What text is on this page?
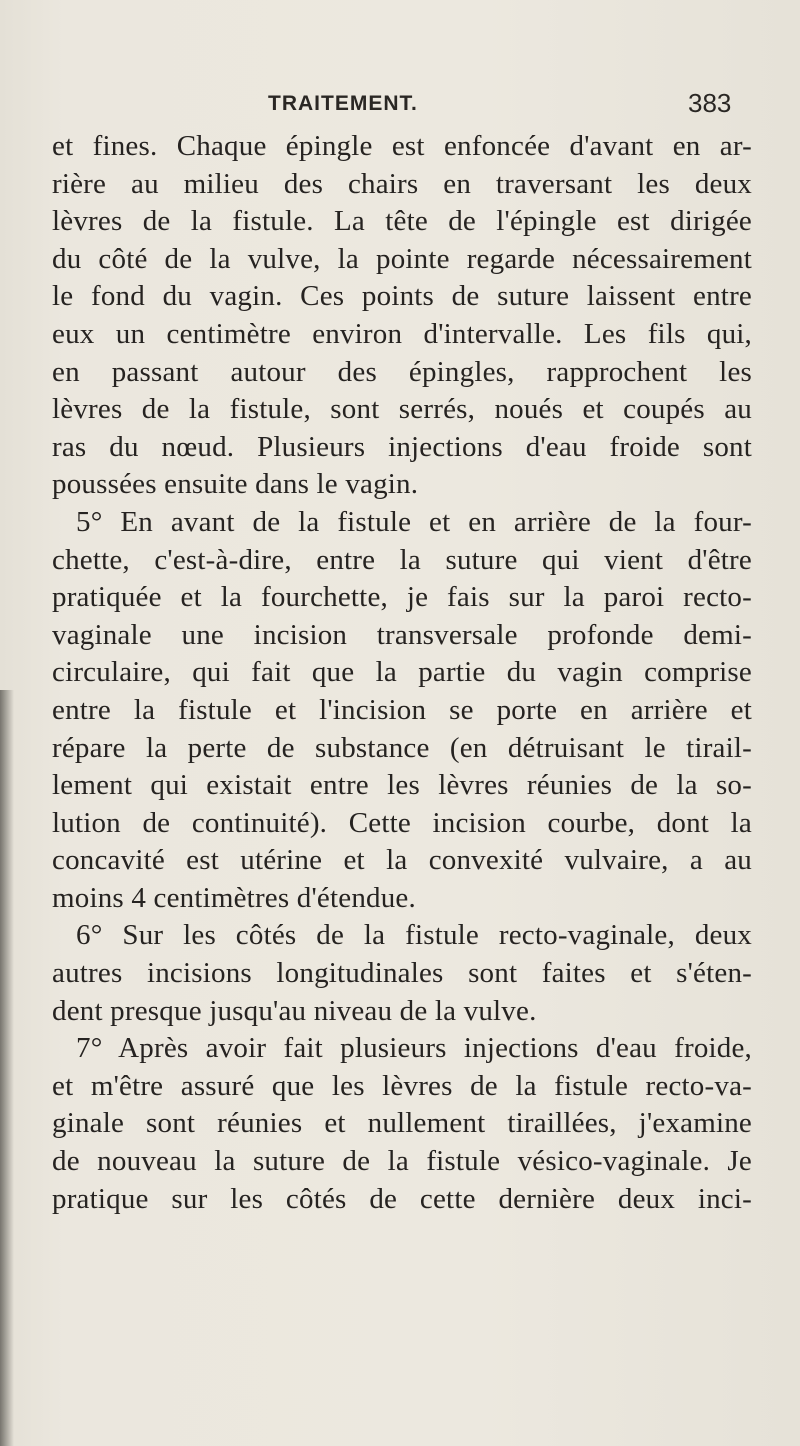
TRAITEMENT.	383
et fines. Chaque épingle est enfoncée d'avant en ar-
rière au milieu des chairs en traversant les deux
lèvres de la fistule. La tête de l'épingle est dirigée
du côté de la vulve, la pointe regarde nécessairement
le fond du vagin. Ces points de suture laissent entre
eux un centimètre environ d'intervalle. Les fils qui,
en passant autour des épingles, rapprochent les
lèvres de la fistule, sont serrés, noués et coupés au
ras du nœud. Plusieurs injections d'eau froide sont
poussées ensuite dans le vagin.
5° En avant de la fistule et en arrière de la four-
chette, c'est-à-dire, entre la suture qui vient d'être
pratiquée et la fourchette, je fais sur la paroi recto-
vaginale une incision transversale profonde demi-
circulaire, qui fait que la partie du vagin comprise
entre la fistule et l'incision se porte en arrière et
répare la perte de substance (en détruisant le tirail-
lement qui existait entre les lèvres réunies de la so-
lution de continuité). Cette incision courbe, dont la
concavité est utérine et la convexité vulvaire, a au
moins 4 centimètres d'étendue.
6° Sur les côtés de la fistule recto-vaginale, deux
autres incisions longitudinales sont faites et s'éten-
dent presque jusqu'au niveau de la vulve.
7° Après avoir fait plusieurs injections d'eau froide,
et m'être assuré que les lèvres de la fistule recto-va-
ginale sont réunies et nullement tiraillées, j'examine
de nouveau la suture de la fistule vésico-vaginale. Je
pratique sur les côtés de cette dernière deux inci-
